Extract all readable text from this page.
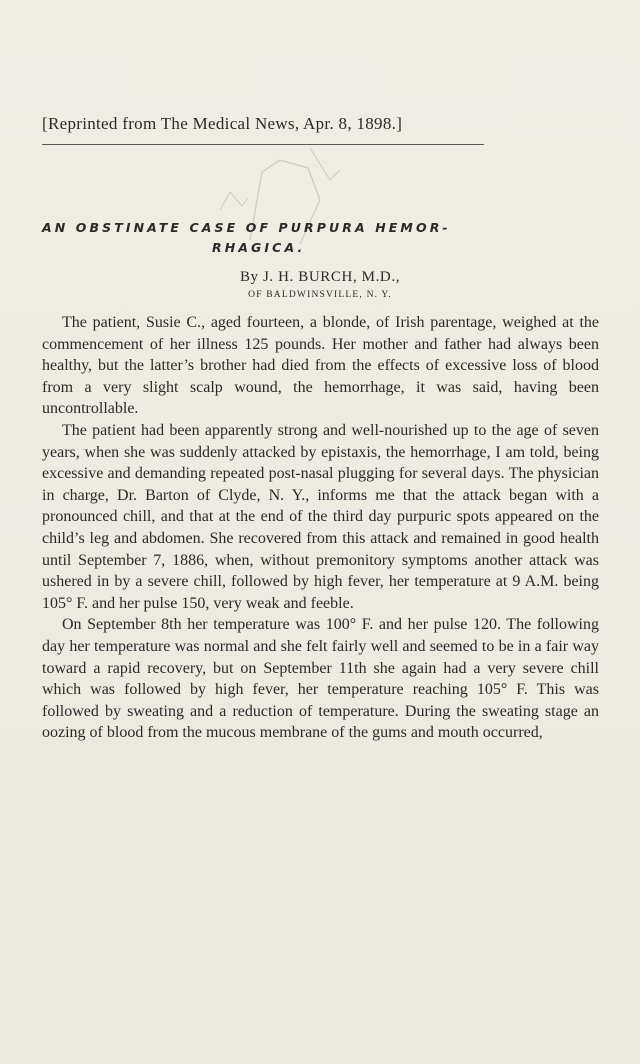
[Reprinted from The Medical News, Apr. 8, 1898.]
AN OBSTINATE CASE OF PURPURA HEMOR-
RHAGICA.
By J. H. BURCH, M.D.,
OF BALDWINSVILLE, N. Y.

The patient, Susie C., aged fourteen, a blonde, of Irish parentage, weighed at the commencement of her illness 125 pounds. Her mother and father had always been healthy, but the latter’s brother had died from the effects of excessive loss of blood from a very slight scalp wound, the hemorrhage, it was said, having been uncontrollable.

The patient had been apparently strong and well-nourished up to the age of seven years, when she was suddenly attacked by epistaxis, the hemorrhage, I am told, being excessive and demanding repeated post-nasal plugging for several days. The physician in charge, Dr. Barton of Clyde, N. Y., informs me that the attack began with a pronounced chill, and that at the end of the third day purpuric spots appeared on the child’s leg and abdomen. She recovered from this attack and remained in good health until September 7, 1886, when, without premonitory symptoms another attack was ushered in by a severe chill, followed by high fever, her temperature at 9 A.M. being 105° F. and her pulse 150, very weak and feeble.

On September 8th her temperature was 100° F. and her pulse 120. The following day her temperature was normal and she felt fairly well and seemed to be in a fair way toward a rapid recovery, but on September 11th she again had a very severe chill which was followed by high fever, her temperature reaching 105° F. This was followed by sweating and a reduction of temperature. During the sweating stage an oozing of blood from the mucous membrane of the gums and mouth occurred,
